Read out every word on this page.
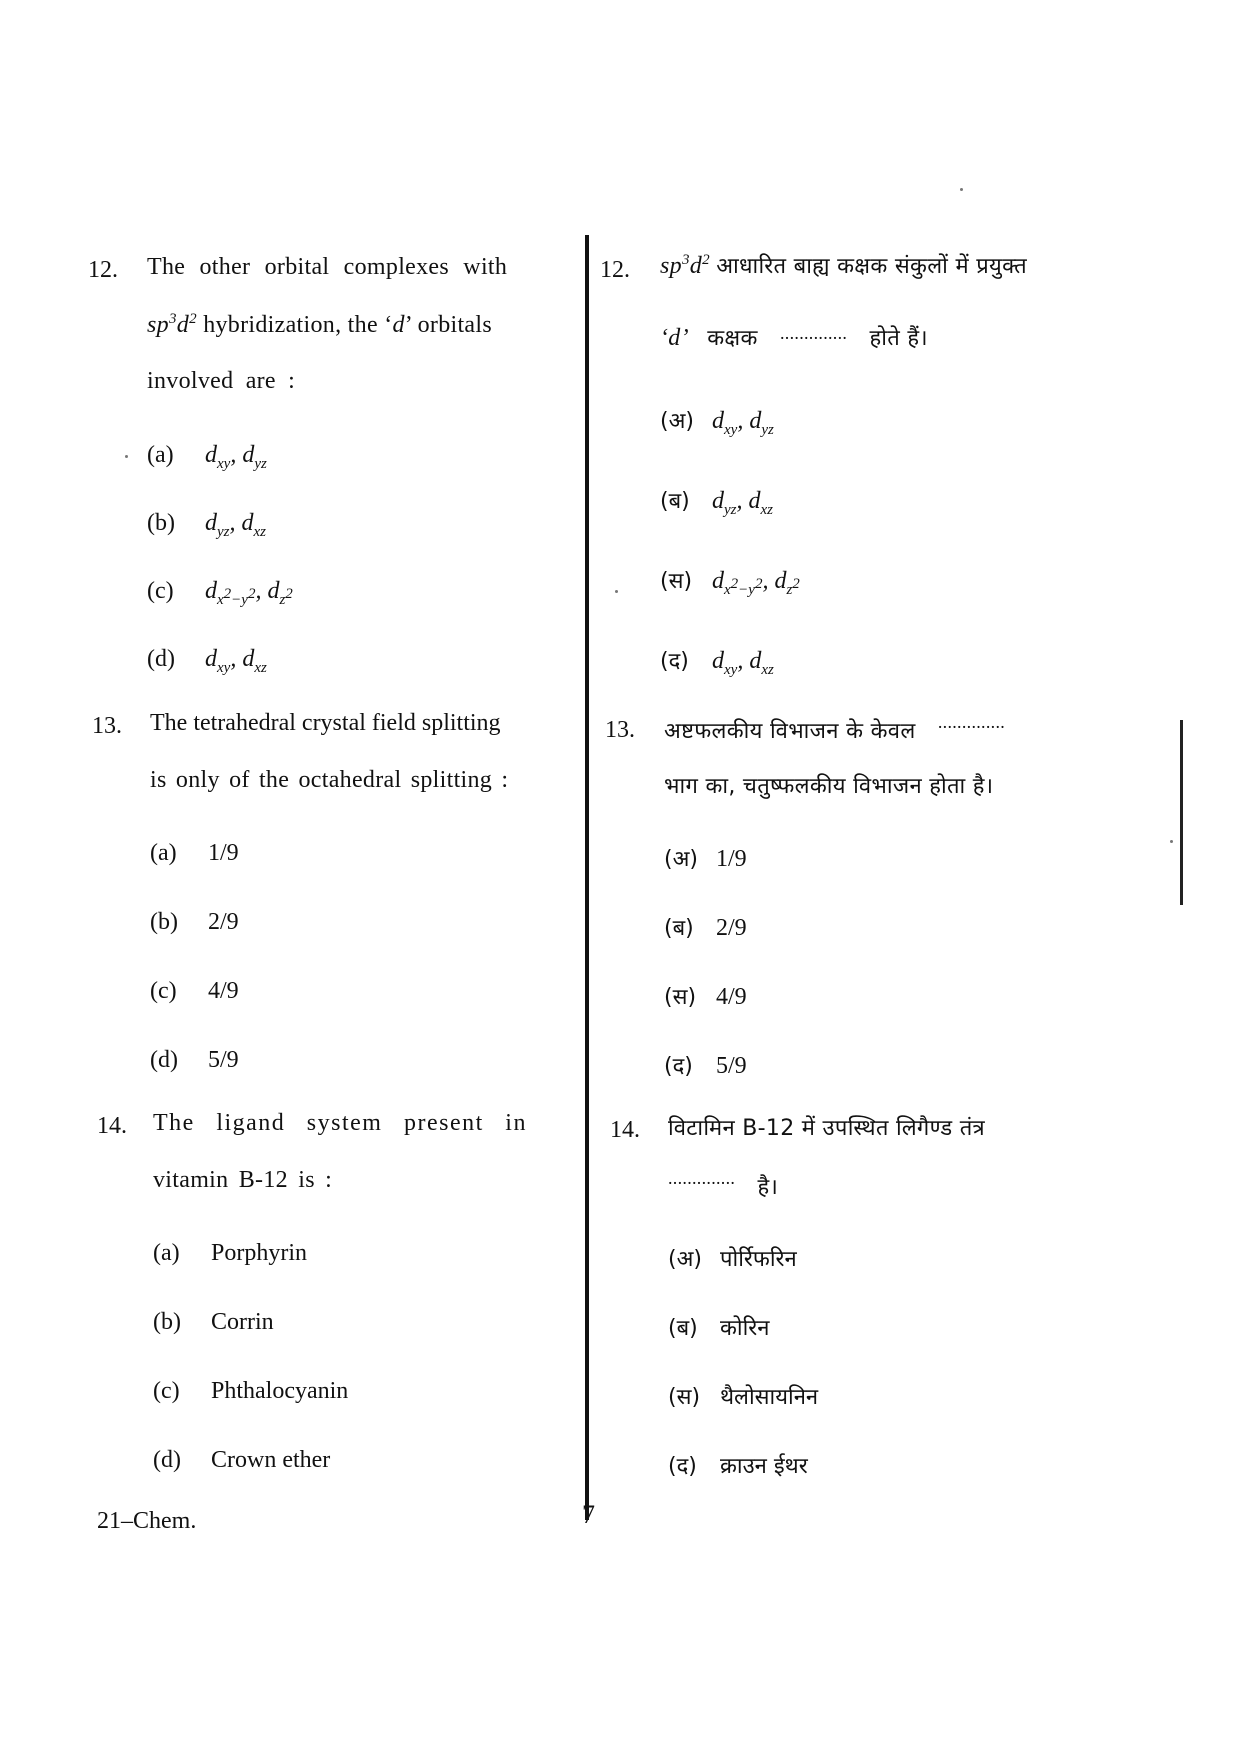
12. The other orbital complexes with
$sp^3d^2$ hybridization, the ‘d’ orbitals
involved are :
(a) $d_{xy}$, $d_{yz}$
(b) $d_{yz}$, $d_{xz}$
(c) $d_{x^2-y^2}$, $d_{z^2}$
(d) $d_{xy}$, $d_{xz}$
13. The tetrahedral crystal field splitting
is only of the octahedral splitting :
(a) 1/9
(b) 2/9
(c) 4/9
(d) 5/9
14. The ligand system present in
vitamin B-12 is :
(a) Porphyrin
(b) Corrin
(c) Phthalocyanin
(d) Crown ether
12. $sp^3d^2$ आधारित बाह्य कक्षक संकुलों में प्रयुक्त
‘d’ कक्षक .............. होते हैं।
(अ) $d_{xy}$, $d_{yz}$
(ब) $d_{yz}$, $d_{xz}$
(स) $d_{x^2-y^2}$, $d_{z^2}$
(द) $d_{xy}$, $d_{xz}$
13. अष्टफलकीय विभाजन के केवल ..............
भाग का, चतुष्फलकीय विभाजन होता है।
(अ) 1/9
(ब) 2/9
(स) 4/9
(द) 5/9
14. विटामिन B-12 में उपस्थित लिगैण्ड तंत्र
.............. है।
(अ) पोर्रिफरिन
(ब) कोरिन
(स) थैलोसायनिन
(द) क्राउन ईथर
21–Chem.	7
